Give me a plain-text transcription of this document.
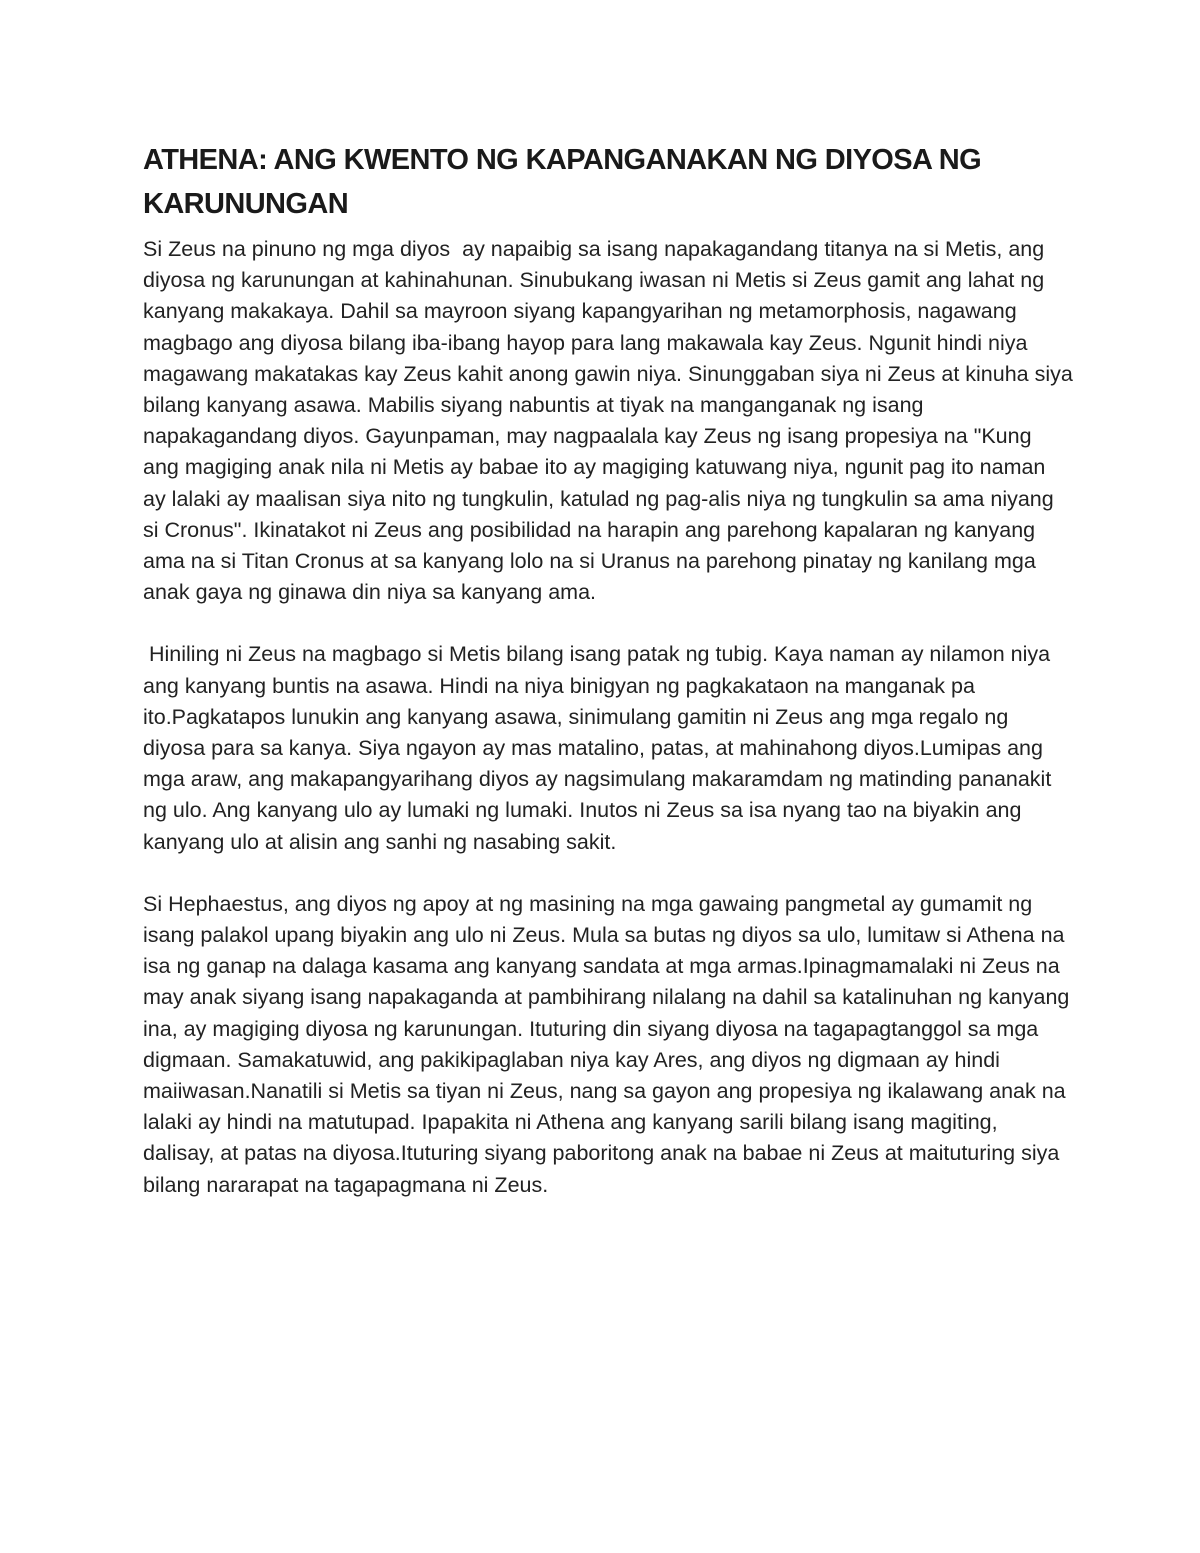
ATHENA: ANG KWENTO NG KAPANGANAKAN NG DIYOSA NG KARUNUNGAN

Si Zeus na pinuno ng mga diyos  ay napaibig sa isang napakagandang titanya na si Metis, ang diyosa ng karunungan at kahinahunan. Sinubukang iwasan ni Metis si Zeus gamit ang lahat ng kanyang makakaya. Dahil sa mayroon siyang kapangyarihan ng metamorphosis, nagawang magbago ang diyosa bilang iba-ibang hayop para lang makawala kay Zeus. Ngunit hindi niya magawang makatakas kay Zeus kahit anong gawin niya. Sinunggaban siya ni Zeus at kinuha siya bilang kanyang asawa. Mabilis siyang nabuntis at tiyak na manganganak ng isang napakagandang diyos. Gayunpaman, may nagpaalala kay Zeus ng isang propesiya na "Kung ang magiging anak nila ni Metis ay babae ito ay magiging katuwang niya, ngunit pag ito naman ay lalaki ay maalisan siya nito ng tungkulin, katulad ng pag-alis niya ng tungkulin sa ama niyang si Cronus". Ikinatakot ni Zeus ang posibilidad na harapin ang parehong kapalaran ng kanyang ama na si Titan Cronus at sa kanyang lolo na si Uranus na parehong pinatay ng kanilang mga anak gaya ng ginawa din niya sa kanyang ama.

Hiniling ni Zeus na magbago si Metis bilang isang patak ng tubig. Kaya naman ay nilamon niya ang kanyang buntis na asawa. Hindi na niya binigyan ng pagkakataon na manganak pa ito.Pagkatapos lunukin ang kanyang asawa, sinimulang gamitin ni Zeus ang mga regalo ng diyosa para sa kanya. Siya ngayon ay mas matalino, patas, at mahinahong diyos.Lumipas ang mga araw, ang makapangyarihang diyos ay nagsimulang makaramdam ng matinding pananakit ng ulo. Ang kanyang ulo ay lumaki ng lumaki. Inutos ni Zeus sa isa nyang tao na biyakin ang kanyang ulo at alisin ang sanhi ng nasabing sakit.

Si Hephaestus, ang diyos ng apoy at ng masining na mga gawaing pangmetal ay gumamit ng isang palakol upang biyakin ang ulo ni Zeus. Mula sa butas ng diyos sa ulo, lumitaw si Athena na isa ng ganap na dalaga kasama ang kanyang sandata at mga armas.Ipinagmamalaki ni Zeus na may anak siyang isang napakaganda at pambihirang nilalang na dahil sa katalinuhan ng kanyang ina, ay magiging diyosa ng karunungan. Ituturing din siyang diyosa na tagapagtanggol sa mga digmaan. Samakatuwid, ang pakikipaglaban niya kay Ares, ang diyos ng digmaan ay hindi maiiwasan.Nanatili si Metis sa tiyan ni Zeus, nang sa gayon ang propesiya ng ikalawang anak na lalaki ay hindi na matutupad. Ipapakita ni Athena ang kanyang sarili bilang isang magiting, dalisay, at patas na diyosa.Ituturing siyang paboritong anak na babae ni Zeus at maituturing siya bilang nararapat na tagapagmana ni Zeus.
